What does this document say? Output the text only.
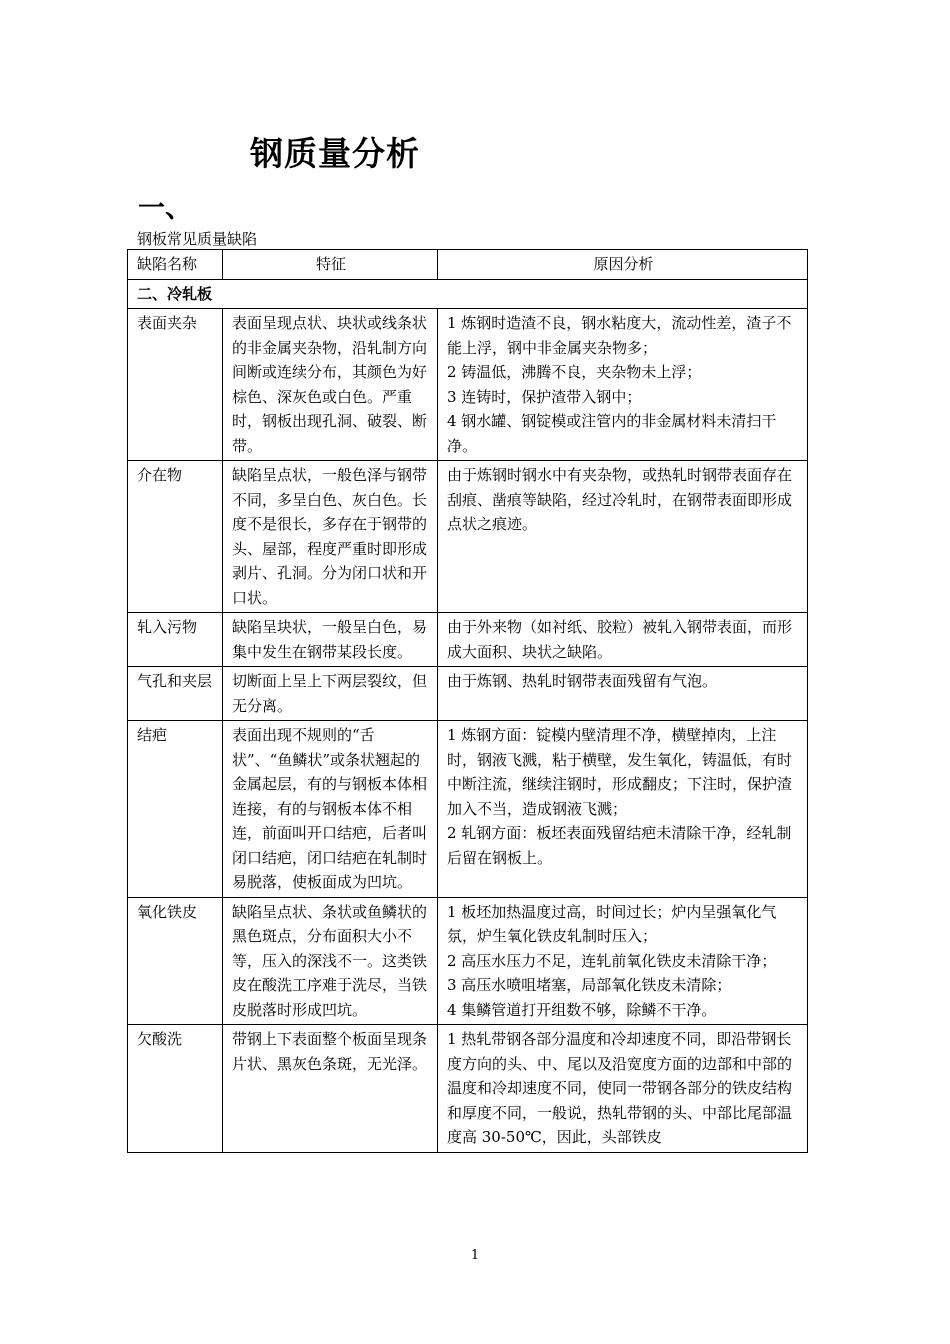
钢质量分析
一、
钢板常见质量缺陷
缺陷名称	特征	原因分析
二、冷轧板		
表面夹杂	表面呈现点状、块状或线条状的非金属夹杂物，沿轧制方向间断或连续分布，其颜色为好棕色、深灰色或白色。严重时，钢板出现孔洞、破裂、断带。	1 炼钢时造渣不良，钢水粘度大，流动性差，渣子不能上浮，钢中非金属夹杂物多；
2 铸温低，沸腾不良，夹杂物未上浮；
3 连铸时，保护渣带入钢中；
4 钢水罐、钢锭模或注管内的非金属材料未清扫干净。

介在物	缺陷呈点状，一般色泽与钢带不同，多呈白色、灰白色。长度不是很长，多存在于钢带的头、屋部，程度严重时即形成剥片、孔洞。分为闭口状和开口状。	由于炼钢时钢水中有夹杂物，或热轧时钢带表面存在刮痕、凿痕等缺陷，经过冷轧时，在钢带表面即形成点状之痕迹。

轧入污物	缺陷呈块状，一般呈白色，易集中发生在钢带某段长度。	由于外来物（如衬纸、胶粒）被轧入钢带表面，而形成大面积、块状之缺陷。

气孔和夹层	切断面上呈上下两层裂纹，但无分离。	由于炼钢、热轧时钢带表面残留有气泡。

结疤	表面出现不规则的“舌状”、“鱼鳞状”或条状翘起的金属起层，有的与钢板本体相连接，有的与钢板本体不相连，前面叫开口结疤，后者叫闭口结疤，闭口结疤在轧制时易脱落，使板面成为凹坑。	1 炼钢方面：锭模内壁清理不净，横壁掉肉，上注时，钢液飞溅，粘于横壁，发生氧化，铸温低，有时中断注流，继续注钢时，形成翻皮；下注时，保护渣加入不当，造成钢液飞溅；
2 轧钢方面：板坯表面残留结疤未清除干净，经轧制后留在钢板上。

氧化铁皮	缺陷呈点状、条状或鱼鳞状的黑色斑点，分布面积大小不等，压入的深浅不一。这类铁皮在酸洗工序难于洗尽，当铁皮脱落时形成凹坑。	1 板坯加热温度过高，时间过长；炉内呈强氧化气氛，炉生氧化铁皮轧制时压入；
2 高压水压力不足，连轧前氧化铁皮未清除干净；
3 高压水喷咀堵塞，局部氧化铁皮未清除；
4 集鳞管道打开组数不够，除鳞不干净。

欠酸洗	带钢上下表面整个板面呈现条片状、黑灰色条斑，无光泽。	1 热轧带钢各部分温度和冷却速度不同，即沿带钢长度方向的头、中、尾以及沿宽度方面的边部和中部的温度和冷却速度不同，使同一带钢各部分的铁皮结构和厚度不同，一般说，热轧带钢的头、中部比尾部温度高 30-50℃，因此，头部铁皮
1
